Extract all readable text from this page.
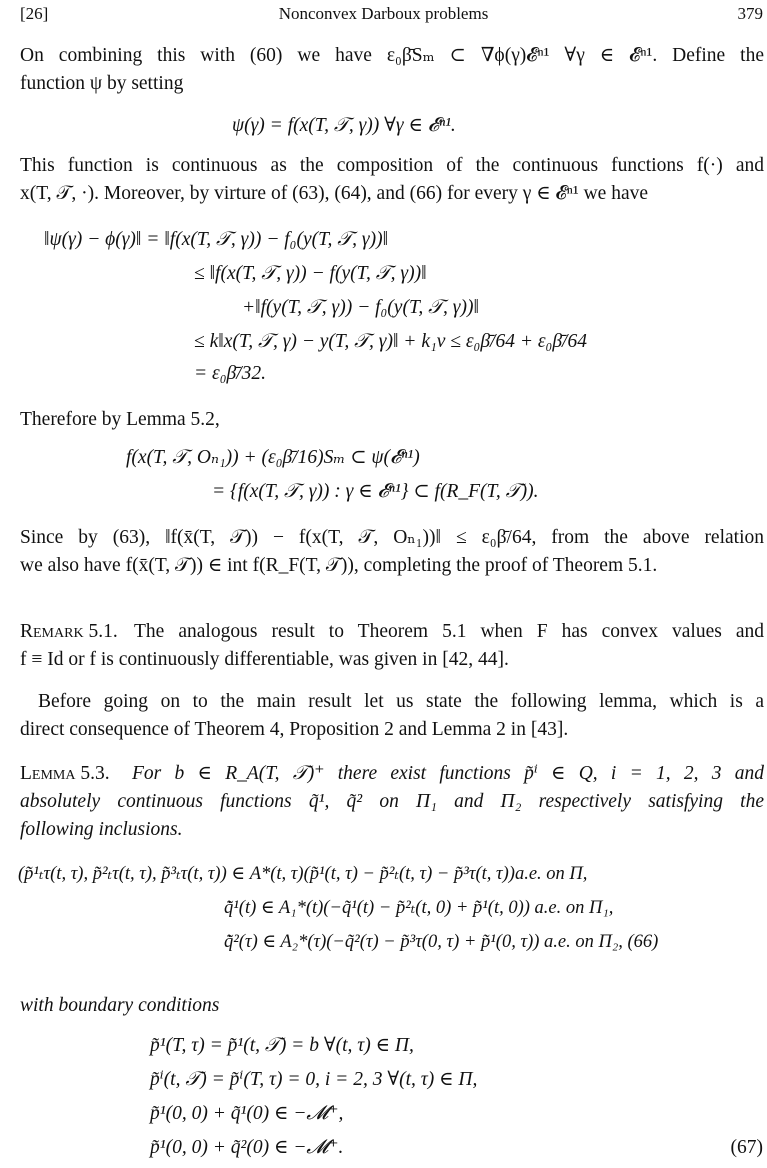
[26]	Nonconvex Darboux problems	379
On combining this with (60) we have ε₀β̄Sₘ ⊂ ∇ϕ(γ)𝓔ⁿ¹ ∀γ ∈ 𝓔ⁿ¹. Define the
function ψ by setting
ψ(γ) = f(x(T, 𝒯, γ)) ∀γ ∈ 𝓔ⁿ¹.
This function is continuous as the composition of the continuous functions f(·) and
x(T, 𝒯, ·). Moreover, by virture of (63), (64), and (66) for every γ ∈ 𝓔ⁿ¹ we have
‖ψ(γ) − ϕ(γ)‖ = ‖f(x(T, 𝒯, γ)) − f₀(y(T, 𝒯, γ))‖
≤ ‖f(x(T, 𝒯, γ)) − f(y(T, 𝒯, γ))‖
+‖f(y(T, 𝒯, γ)) − f₀(y(T, 𝒯, γ))‖
≤ k‖x(T, 𝒯, γ) − y(T, 𝒯, γ)‖ + k₁ν ≤ ε₀β̄/64 + ε₀β̄/64
= ε₀β̄/32.
Therefore by Lemma 5.2,
f(x(T, 𝒯, Oₙ₁)) + (ε₀β̄/16)Sₘ ⊂ ψ(𝓔ⁿ¹)
= {f(x(T, 𝒯, γ)) : γ ∈ 𝓔ⁿ¹} ⊂ f(R_F(T, 𝒯)).
Since by (63), ‖f(x̄(T, 𝒯)) − f(x(T, 𝒯, Oₙ₁))‖ ≤ ε₀β̄/64, from the above relation
we also have f(x̄(T, 𝒯)) ∈ int f(R_F(T, 𝒯)), completing the proof of Theorem 5.1.
Remark 5.1. The analogous result to Theorem 5.1 when F has convex values and
f ≡ Id or f is continuously differentiable, was given in [42, 44].
Before going on to the main result let us state the following lemma, which is a
direct consequence of Theorem 4, Proposition 2 and Lemma 2 in [43].
Lemma 5.3. For b ∈ R_A(T, 𝒯)⁺ there exist functions p̃ⁱ ∈ Q, i = 1, 2, 3 and
absolutely continuous functions q̃¹, q̃² on Π₁ and Π₂ respectively satisfying the
following inclusions.
(p̃¹ₜτ(t, τ), p̃²ₜτ(t, τ), p̃³ₜτ(t, τ)) ∈ A*(t, τ)(p̃¹(t, τ) − p̃²ₜ(t, τ) − p̃³τ(t, τ))a.e. on Π,
q̃̇¹(t) ∈ A₁*(t)(−q̃¹(t) − p̃²ₜ(t, 0) + p̃¹(t, 0)) a.e. on Π₁,
q̃̇²(τ) ∈ A₂*(τ)(−q̃²(τ) − p̃³τ(0, τ) + p̃¹(0, τ)) a.e. on Π₂, (66)
with boundary conditions
p̃¹(T, τ) = p̃¹(t, 𝒯) = b ∀(t, τ) ∈ Π,
p̃ⁱ(t, 𝒯) = p̃ⁱ(T, τ) = 0, i = 2, 3 ∀(t, τ) ∈ Π,
p̃¹(0, 0) + q̃¹(0) ∈ −𝓜⁺,
p̃¹(0, 0) + q̃²(0) ∈ −𝓜⁺.	(67)
